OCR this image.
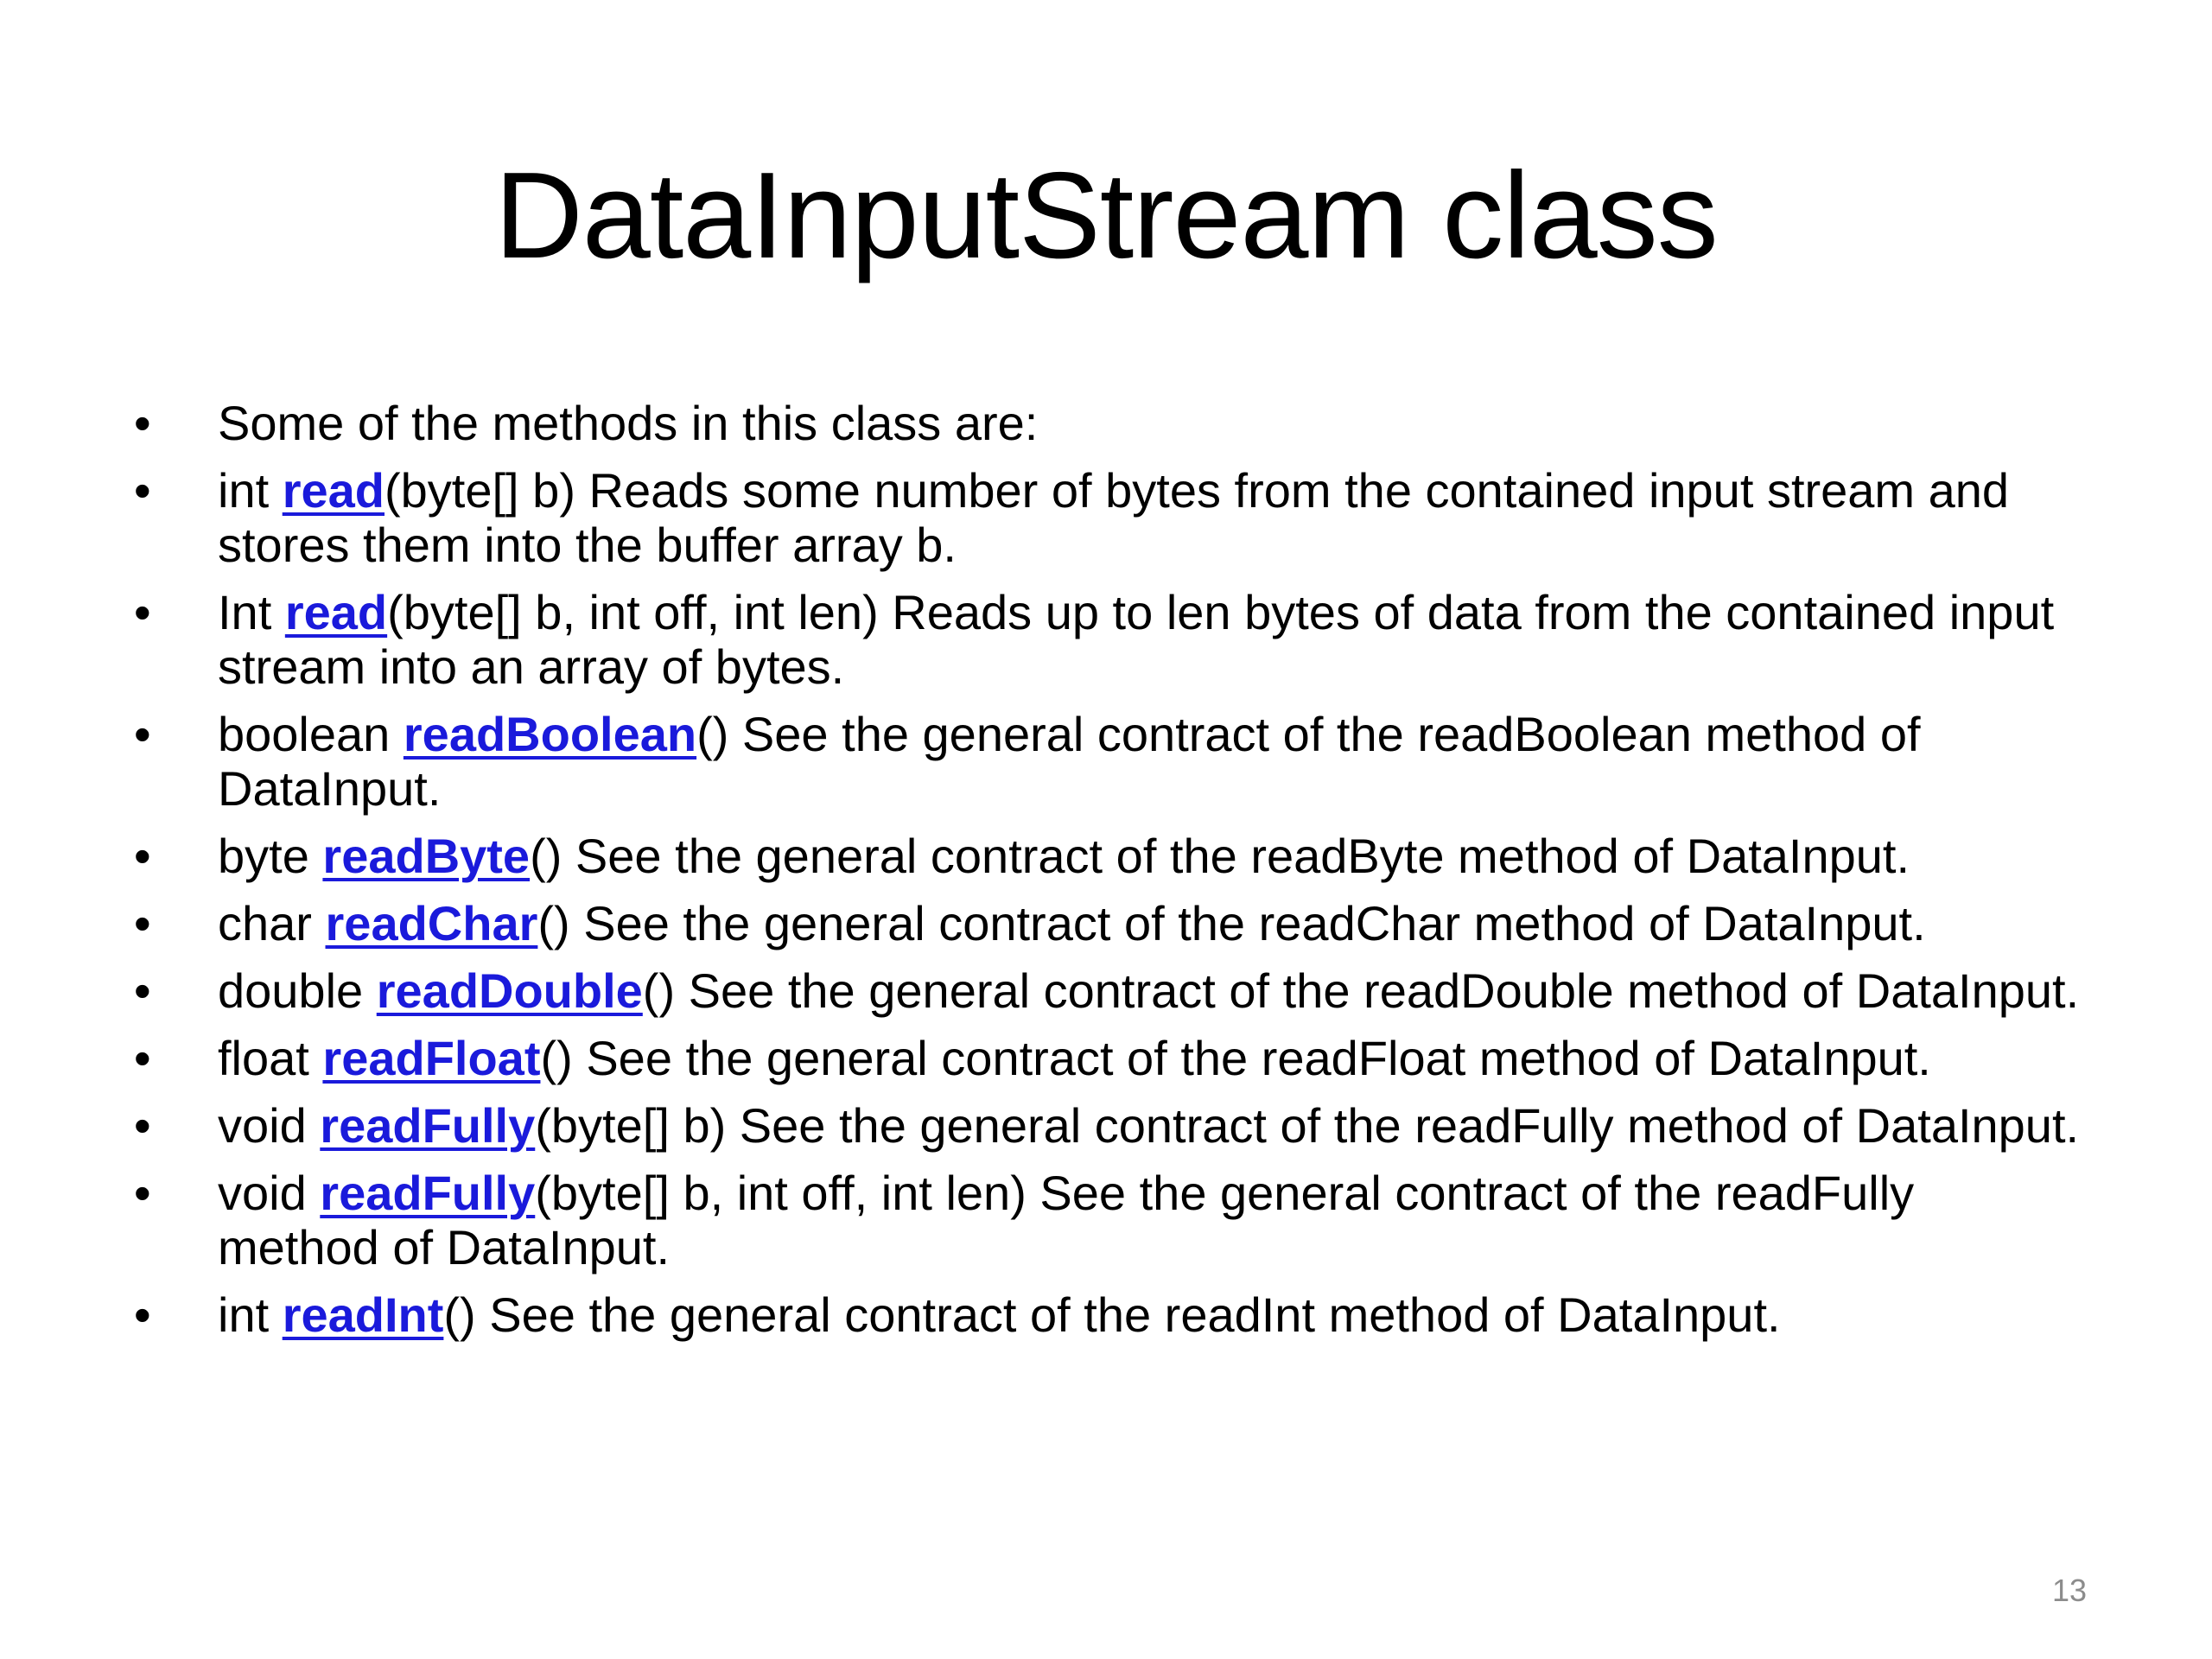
DataInputStream class
•	Some of the methods in this class are:
•	int read(byte[] b) Reads some number of bytes from the contained input stream and stores them into the buffer array b.
•	Int read(byte[] b, int off, int len) Reads up to len bytes of data from the contained input stream into an array of bytes.
•	boolean readBoolean() See the general contract of the readBoolean method of DataInput.
•	byte readByte() See the general contract of the readByte method of DataInput.
•	char readChar() See the general contract of the readChar method of DataInput.
•	double readDouble() See the general contract of the readDouble method of DataInput.
•	float readFloat() See the general contract of the readFloat method of DataInput.
•	void readFully(byte[] b) See the general contract of the readFully method of DataInput.
•	void readFully(byte[] b, int off, int len) See the general contract of the readFully method of DataInput.
•	int readInt() See the general contract of the readInt method of DataInput.
13
